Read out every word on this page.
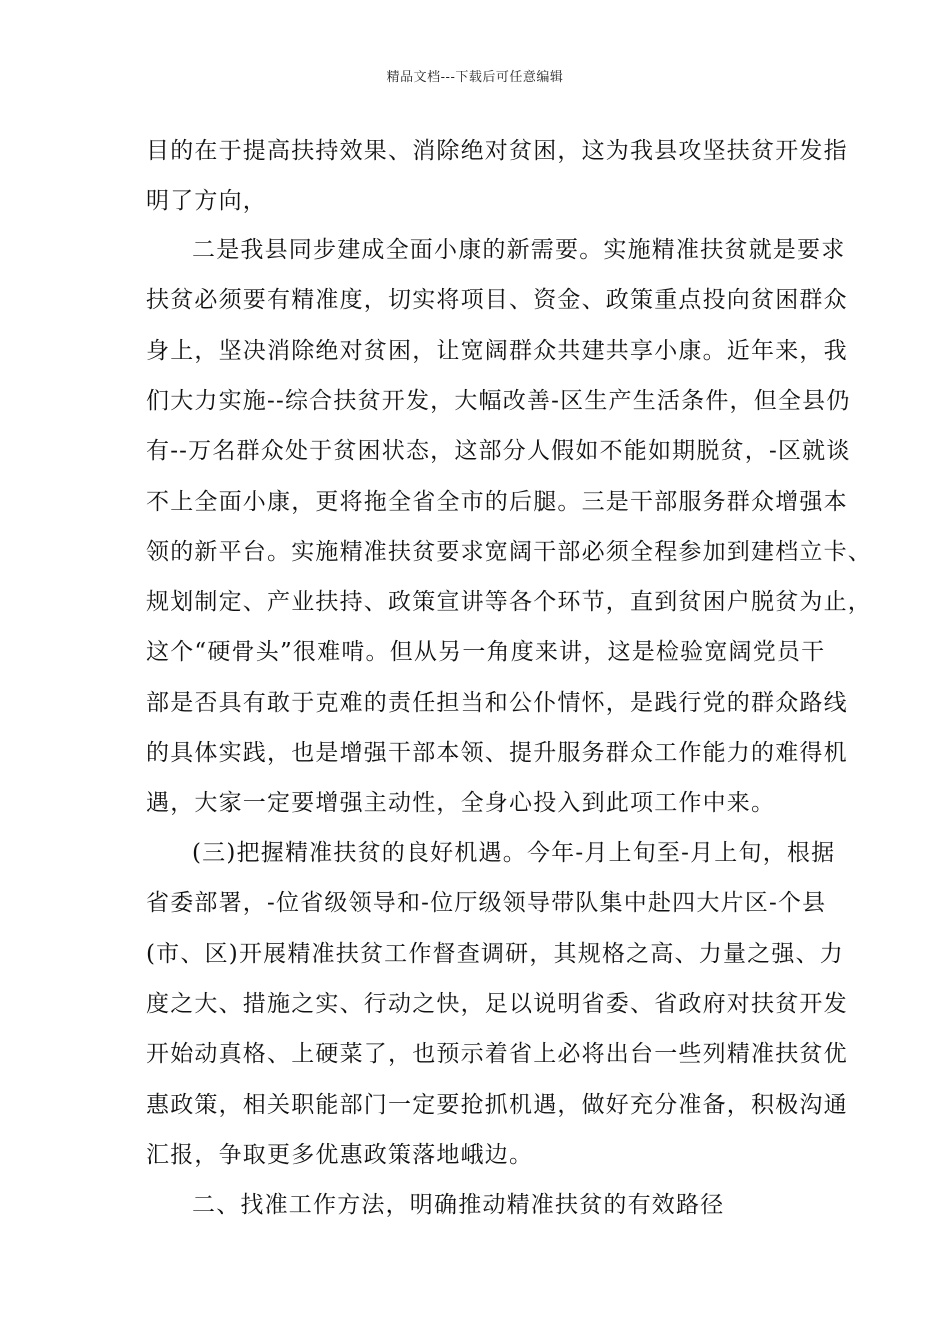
精品文档---下载后可任意编辑
目的在于提高扶持效果、消除绝对贫困，这为我县攻坚扶贫开发指
明了方向，
二是我县同步建成全面小康的新需要。实施精准扶贫就是要求
扶贫必须要有精准度，切实将项目、资金、政策重点投向贫困群众
身上，坚决消除绝对贫困，让宽阔群众共建共享小康。近年来，我
们大力实施--综合扶贫开发，大幅改善-区生产生活条件，但全县仍
有--万名群众处于贫困状态，这部分人假如不能如期脱贫，-区就谈
不上全面小康，更将拖全省全市的后腿。三是干部服务群众增强本
领的新平台。实施精准扶贫要求宽阔干部必须全程参加到建档立卡、
规划制定、产业扶持、政策宣讲等各个环节，直到贫困户脱贫为止，
这个“硬骨头”很难啃。但从另一角度来讲，这是检验宽阔党员干
部是否具有敢于克难的责任担当和公仆情怀，是践行党的群众路线
的具体实践，也是增强干部本领、提升服务群众工作能力的难得机
遇，大家一定要增强主动性，全身心投入到此项工作中来。
(三)把握精准扶贫的良好机遇。今年-月上旬至-月上旬，根据
省委部署，-位省级领导和-位厅级领导带队集中赴四大片区-个县
(市、区)开展精准扶贫工作督查调研，其规格之高、力量之强、力
度之大、措施之实、行动之快，足以说明省委、省政府对扶贫开发
开始动真格、上硬菜了，也预示着省上必将出台一些列精准扶贫优
惠政策，相关职能部门一定要抢抓机遇，做好充分准备，积极沟通
汇报，争取更多优惠政策落地峨边。
二、找准工作方法，明确推动精准扶贫的有效路径
